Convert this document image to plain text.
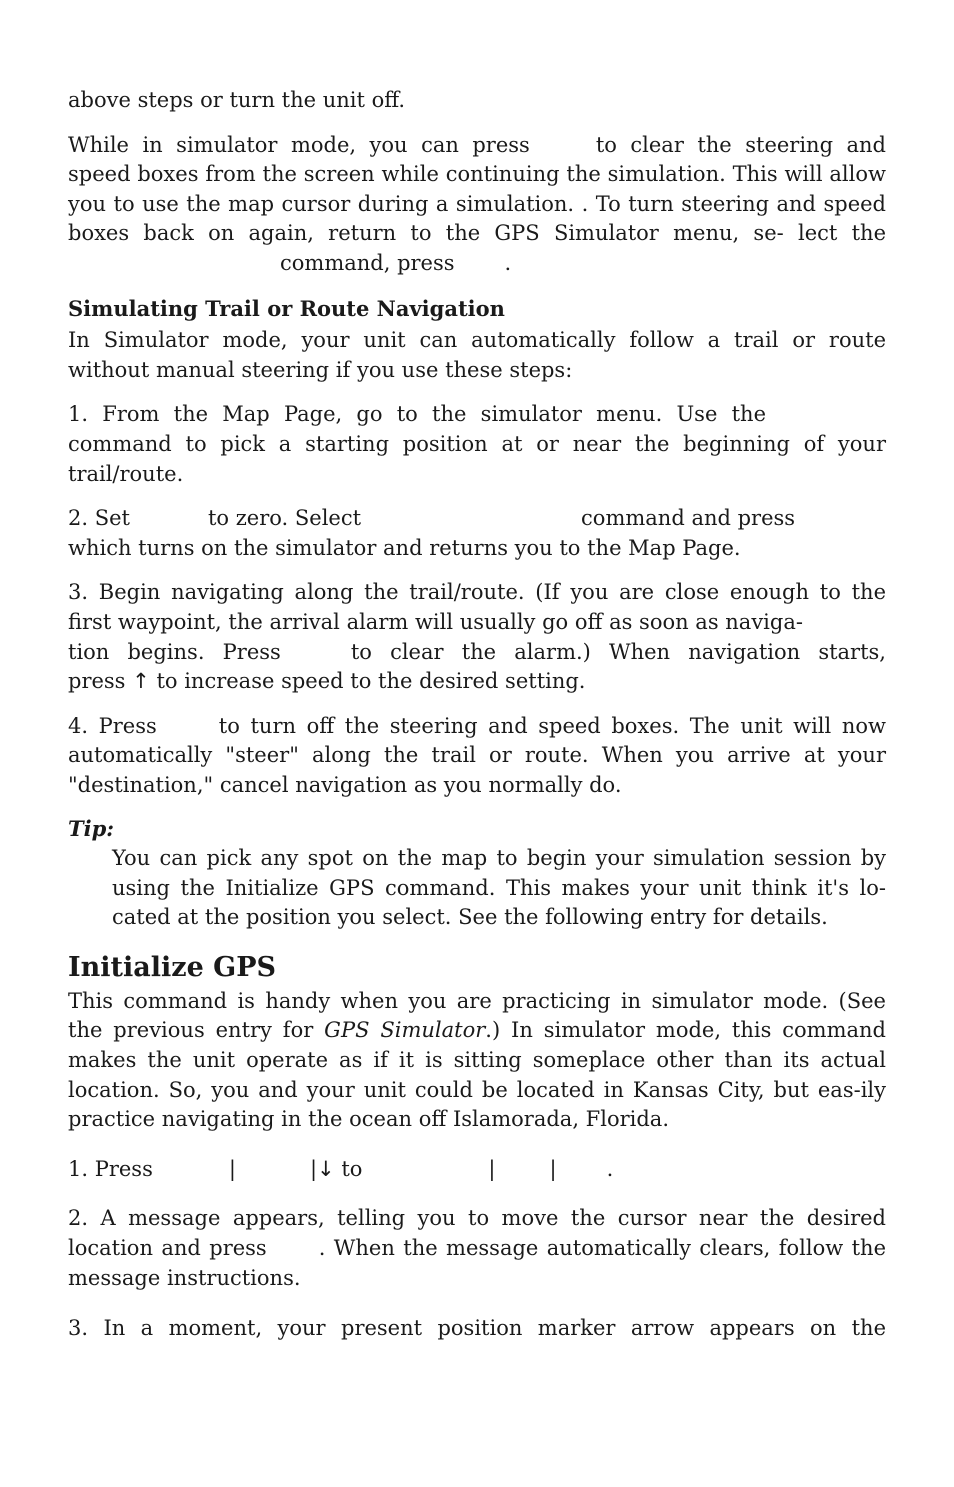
above steps or turn the unit off.

While in simulator mode, you can press	to clear the steering and
speed boxes from the screen while continuing the simulation. This will allow you to use the map cursor during a simulation. . To turn steering and speed boxes back on again, return to the GPS Simulator menu, se- lect thecommand, press .

Simulating Trail or Route Navigation

In Simulator mode, your unit can automatically follow a trail or route without manual steering if you use these steps:

1. From the Map Page, go to the simulator menu. Use the command to pick a starting position at or near the beginning of your trail/route.

2. Set	to zero. Select	command and press
which turns on the simulator and returns you to the Map Page.

3. Begin navigating along the trail/route. (If you are close enough to the first waypoint, the arrival alarm will usually go off as soon as naviga-
tion begins. Press	to clear the alarm.) When navigation starts,
press ↑ to increase speed to the desired setting.

4. Press	to turn off the steering and speed boxes. The unit will now automatically "steer" along the trail or route. When you arrive at your "destination," cancel navigation as you normally do.

Tip:

You can pick any spot on the map to begin your simulation session by using the Initialize GPS command. This makes your unit think it's lo-cated at the position you select. See the following entry for details.

Initialize GPS

This command is handy when you are practicing in simulator mode. (See the previous entry for GPS Simulator.) In simulator mode, this command makes the unit operate as if it is sitting someplace other than its actual location. So, you and your unit could be located in Kansas City, but eas-ily practice navigating in the ocean off Islamorada, Florida.

1. Press	|	|↓ to	|	| .

2. A message appears, telling you to move the cursor near the desired location and press . When the message automatically clears, follow the message instructions.

3. In a moment, your present position marker arrow appears on the
